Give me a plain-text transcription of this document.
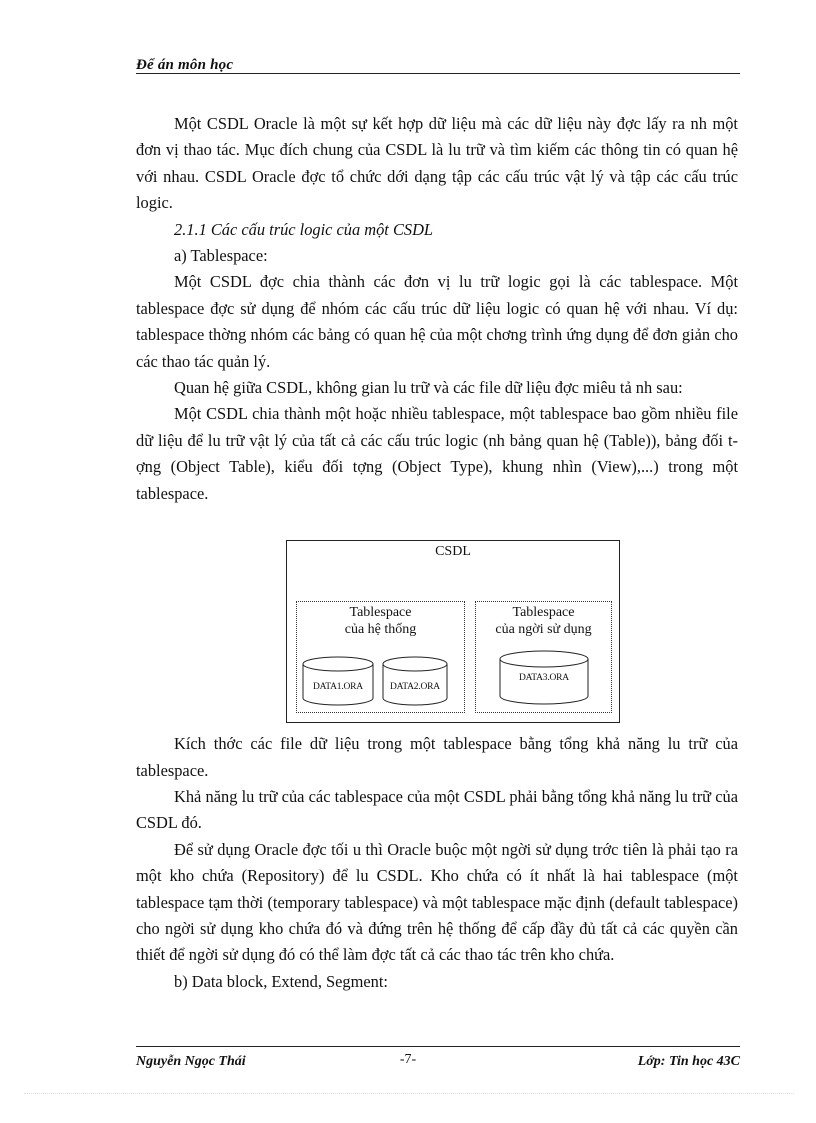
Để án môn học

Một CSDL Oracle là một sự kết hợp dữ liệu mà các dữ liệu này đợc lấy ra nh một đơn vị thao tác. Mục đích chung của CSDL là lu trữ và tìm kiếm các thông tin có quan hệ với nhau. CSDL Oracle đợc tổ chức dới dạng tập các cấu trúc vật lý và tập các cấu trúc logic.

2.1.1 Các cấu trúc logic của một CSDL

a) Tablespace:

Một CSDL đợc chia thành các đơn vị lu trữ logic gọi là các tablespace. Một tablespace đợc sử dụng để nhóm các cấu trúc dữ liệu logic có quan hệ với nhau. Ví dụ: tablespace thờng nhóm các bảng có quan hệ của một chơng trình ứng dụng để đơn giản cho các thao tác quản lý.

Quan hệ giữa CSDL, không gian lu trữ và các file dữ liệu đợc miêu tả nh sau:

Một CSDL chia thành một hoặc nhiều tablespace, một tablespace bao gồm nhiều file dữ liệu để lu trữ vật lý của tất cả các cấu trúc logic (nh bảng quan hệ (Table)), bảng đối tợng (Object Table), kiểu đối tợng (Object Type), khung nhìn (View),...) trong một tablespace.

Kích thớc các file dữ liệu trong một tablespace bằng tổng khả năng lu trữ của tablespace.

Khả năng lu trữ của các tablespace của một CSDL phải bằng tổng khả năng lu trữ của CSDL đó.

Để sử dụng Oracle đợc tối u thì Oracle buộc một ngời sử dụng trớc tiên là phải tạo ra một kho chứa (Repository) để lu CSDL. Kho chứa có ít nhất là hai tablespace (một tablespace tạm thời (temporary tablespace) và một tablespace mặc định (default tablespace) cho ngời sử dụng kho chứa đó và đứng trên hệ thống để cấp đầy đủ tất cả các quyền cần thiết để ngời sử dụng đó có thể làm đợc tất cả các thao tác trên kho chứa.

b) Data block, Extend, Segment:

CSDL
Tablespace
của hệ thống
DATA1.ORA	DATA2.ORA
Tablespace
của ngời sử dụng
DATA3.ORA
Nguyễn Ngọc Thái	-7-	Lớp: Tin học 43C
